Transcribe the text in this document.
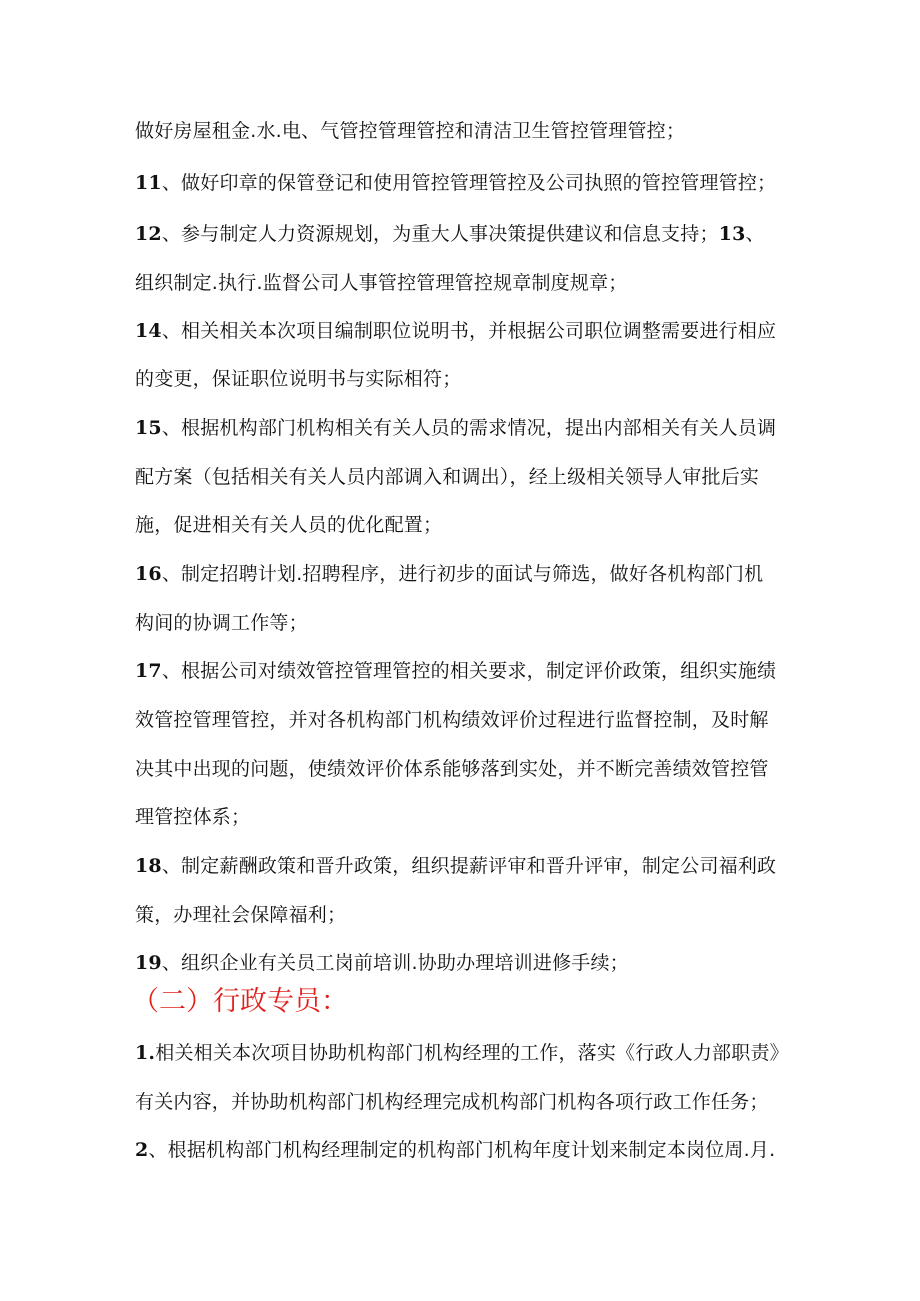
做好房屋租金.水.电、气管控管理管控和清洁卫生管控管理管控；
11、做好印章的保管登记和使用管控管理管控及公司执照的管控管理管控；
12、参与制定人力资源规划，为重大人事决策提供建议和信息支持；13、
组织制定.执行.监督公司人事管控管理管控规章制度规章；
14、相关相关本次项目编制职位说明书，并根据公司职位调整需要进行相应
的变更，保证职位说明书与实际相符；
15、根据机构部门机构相关有关人员的需求情况，提出内部相关有关人员调
配方案（包括相关有关人员内部调入和调出），经上级相关领导人审批后实
施，促进相关有关人员的优化配置；
16、制定招聘计划.招聘程序，进行初步的面试与筛选，做好各机构部门机
构间的协调工作等；
17、根据公司对绩效管控管理管控的相关要求，制定评价政策，组织实施绩
效管控管理管控，并对各机构部门机构绩效评价过程进行监督控制，及时解
决其中出现的问题，使绩效评价体系能够落到实处，并不断完善绩效管控管
理管控体系；
18、制定薪酬政策和晋升政策，组织提薪评审和晋升评审，制定公司福利政
策，办理社会保障福利；
19、组织企业有关员工岗前培训.协助办理培训进修手续；
（二）行政专员：
1.相关相关本次项目协助机构部门机构经理的工作，落实《行政人力部职责》
有关内容，并协助机构部门机构经理完成机构部门机构各项行政工作任务；
2、根据机构部门机构经理制定的机构部门机构年度计划来制定本岗位周.月.
